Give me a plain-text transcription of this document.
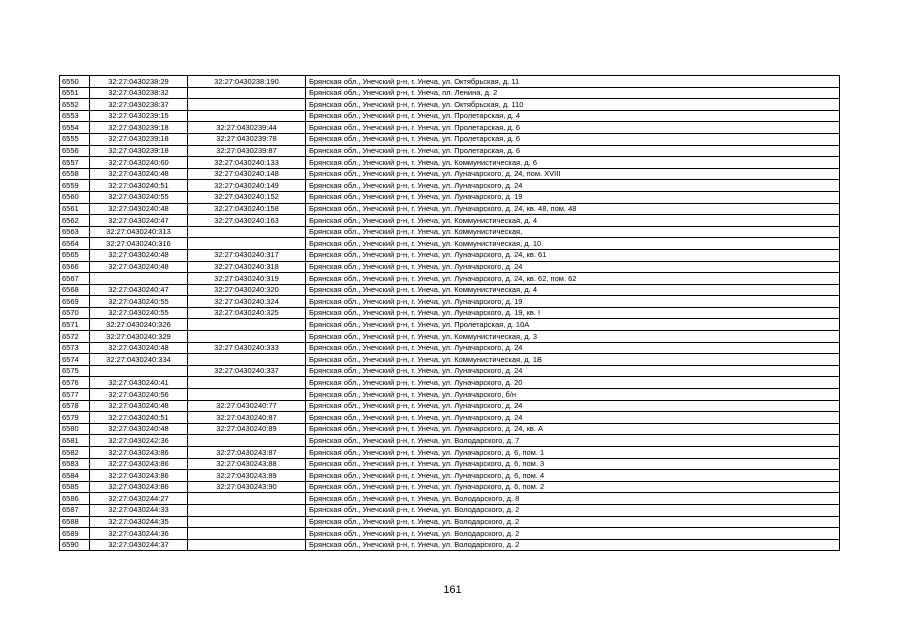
6550	32:27:0430238:29	32:27:0430238:190	Брянская обл., Унечский р-н, г. Унеча, ул. Октябрьская, д. 11
6551	32:27:0430238:32		Брянская обл., Унечский р-н, г. Унеча, пл. Ленина, д. 2
6552	32:27:0430238:37		Брянская обл., Унечский р-н, г. Унеча, ул. Октябрьская, д. 110
6553	32:27:0430239:15		Брянская обл., Унечский р-н, г. Унеча, ул. Пролетарская, д. 4
6554	32:27:0430239:18	32:27:0430239:44	Брянская обл., Унечский р-н, г. Унеча, ул. Пролетарская, д. 6
6555	32:27:0430239:18	32:27:0430239:78	Брянская обл., Унечский р-н, г. Унеча, ул. Пролетарская, д. 6
6556	32:27:0430239:18	32:27:0430239:87	Брянская обл., Унечский р-н, г. Унеча, ул. Пролетарская, д. 6
6557	32:27:0430240:60	32:27:0430240:133	Брянская обл., Унечский р-н, г. Унеча, ул. Коммунистическая, д. 6
6558	32:27:0430240:48	32:27:0430240:148	Брянская обл., Унечский р-н, г. Унеча, ул. Луначарского, д. 24, пом. XVIII
6559	32:27:0430240:51	32:27:0430240:149	Брянская обл., Унечский р-н, г. Унеча, ул. Луначарского, д. 24
6560	32:27:0430240:55	32:27:0430240:152	Брянская обл., Унечский р-н, г. Унеча, ул. Луначарского, д. 19
6561	32:27:0430240:48	32:27:0430240:158	Брянская обл., Унечский р-н, г. Унеча, ул. Луначарского, д. 24, кв. 48, пом. 48
6562	32:27:0430240:47	32:27:0430240:163	Брянская обл., Унечский р-н, г. Унеча, ул. Коммунистическая, д. 4
6563	32:27:0430240:313		Брянская обл., Унечский р-н, г. Унеча, ул. Коммунистическая,
6564	32:27:0430240:316		Брянская обл., Унечский р-н, г. Унеча, ул. Коммунистическая, д. 10
6565	32:27:0430240:48	32:27:0430240:317	Брянская обл., Унечский р-н, г. Унеча, ул. Луначарского, д. 24, кв. 61
6566	32:27:0430240:48	32:27:0430240:318	Брянская обл., Унечский р-н, г. Унеча, ул. Луначарского, д. 24
6567		32:27:0430240:319	Брянская обл., Унечский р-н, г. Унеча, ул. Луначарского, д. 24, кв. 62, пом. 62
6568	32:27:0430240:47	32:27:0430240:320	Брянская обл., Унечский р-н, г. Унеча, ул. Коммунистическая, д. 4
6569	32:27:0430240:55	32:27:0430240:324	Брянская обл., Унечский р-н, г. Унеча, ул. Луначарского, д. 19
6570	32:27:0430240:55	32:27:0430240:325	Брянская обл., Унечский р-н, г. Унеча, ул. Луначарского, д. 19, кв. I
6571	32:27:0430240:326		Брянская обл., Унечский р-н, г. Унеча, ул. Пролетарская, д. 10А
6572	32:27:0430240:329		Брянская обл., Унечский р-н, г. Унеча, ул. Коммунистическая, д. 3
6573	32:27:0430240:48	32:27:0430240:333	Брянская обл., Унечский р-н, г. Унеча, ул. Луначарского, д. 24
6574	32:27:0430240:334		Брянская обл., Унечский р-н, г. Унеча, ул. Коммунистическая, д. 1В
6575		32:27:0430240:337	Брянская обл., Унечский р-н, г. Унеча, ул. Луначарского, д. 24
6576	32:27:0430240:41		Брянская обл., Унечский р-н, г. Унеча, ул. Луначарского, д. 20
6577	32:27:0430240:56		Брянская обл., Унечский р-н, г. Унеча, ул. Луначарского, б/н
6578	32:27:0430240:48	32:27:0430240:77	Брянская обл., Унечский р-н, г. Унеча, ул. Луначарского, д. 24
6579	32:27:0430240:51	32:27:0430240:87	Брянская обл., Унечский р-н, г. Унеча, ул. Луначарского, д. 24
6580	32:27:0430240:48	32:27:0430240:89	Брянская обл., Унечский р-н, г. Унеча, ул. Луначарского, д. 24, кв. А
6581	32:27:0430242:36		Брянская обл., Унечский р-н, г. Унеча, ул. Володарского, д. 7
6582	32:27:0430243:86	32:27:0430243:87	Брянская обл., Унечский р-н, г. Унеча, ул. Луначарского, д. 6, пом. 1
6583	32:27:0430243:86	32:27:0430243:88	Брянская обл., Унечский р-н, г. Унеча, ул. Луначарского, д. 6, пом. 3
6584	32:27:0430243:86	32:27:0430243:89	Брянская обл., Унечский р-н, г. Унеча, ул. Луначарского, д. 6, пом. 4
6585	32:27:0430243:86	32:27:0430243:90	Брянская обл., Унечский р-н, г. Унеча, ул. Луначарского, д. 6, пом. 2
6586	32:27:0430244:27		Брянская обл., Унечский р-н, г. Унеча, ул. Володарского, д. 8
6587	32:27:0430244:33		Брянская обл., Унечский р-н, г. Унеча, ул. Володарского, д. 2
6588	32:27:0430244:35		Брянская обл., Унечский р-н, г. Унеча, ул. Володарского, д. 2
6589	32:27:0430244:36		Брянская обл., Унечский р-н, г. Унеча, ул. Володарского, д. 2
6590	32:27:0430244:37		Брянская обл., Унечский р-н, г. Унеча, ул. Володарского, д. 2
161
